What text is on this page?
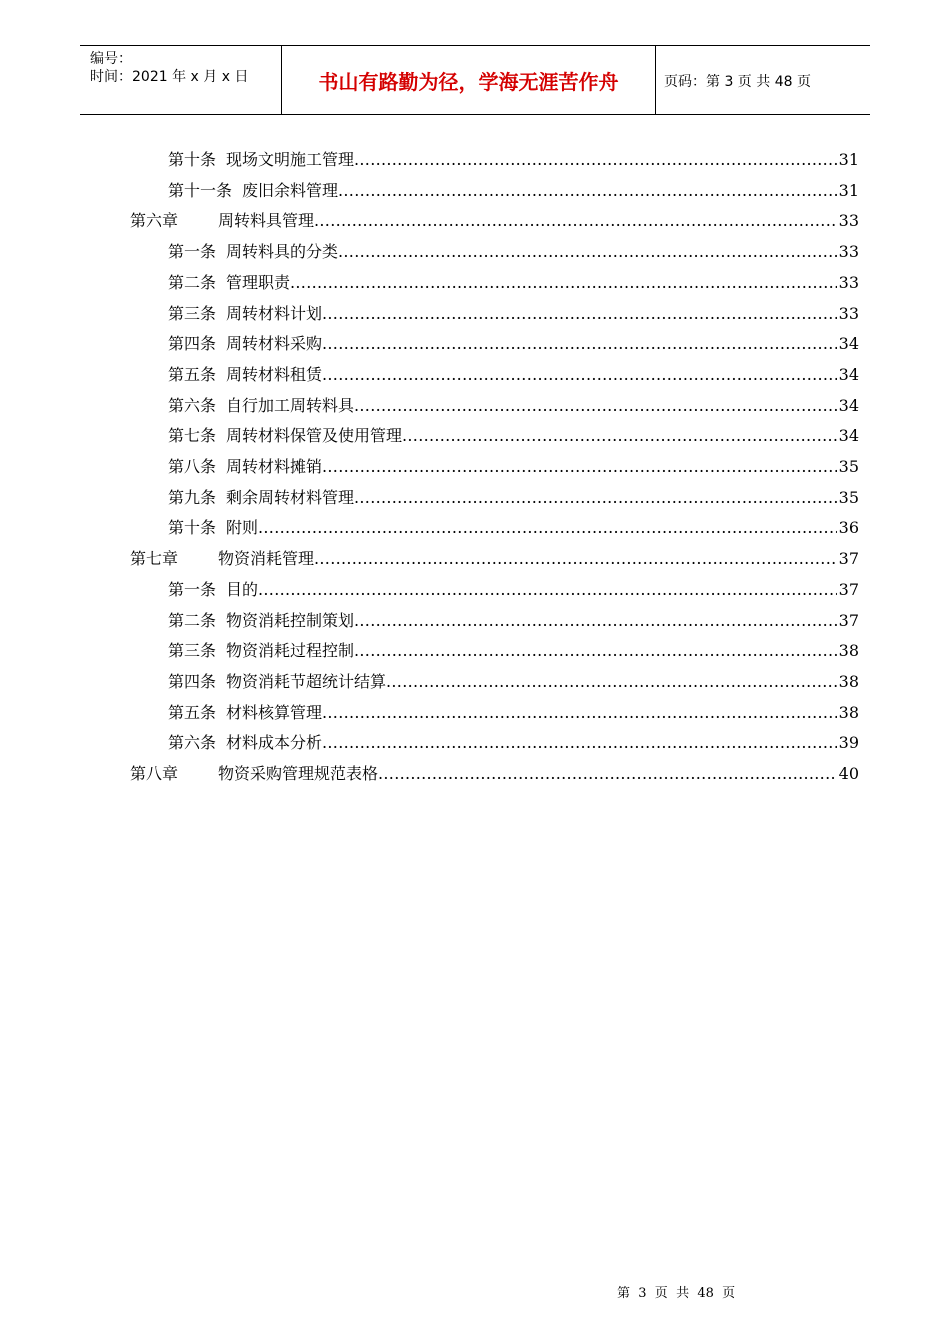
编号：
时间：2021 年 x 月 x 日	书山有路勤为径，学海无涯苦作舟	页码：第 3 页 共 48 页
第十条 现场文明施工管理 .....	31
第十一条 废旧余料管理 .....	31
第六章	周转料具管理 .....	33
第一条 周转料具的分类 .....	33
第二条 管理职责 .....	33
第三条 周转材料计划 .....	33
第四条 周转材料采购 .....	34
第五条 周转材料租赁 .....	34
第六条 自行加工周转料具 .....	34
第七条 周转材料保管及使用管理 .....	34
第八条 周转材料摊销 .....	35
第九条 剩余周转材料管理 .....	35
第十条 附则 .....	36
第七章	物资消耗管理 .....	37
第一条 目的 .....	37
第二条 物资消耗控制策划 .....	37
第三条 物资消耗过程控制 .....	38
第四条 物资消耗节超统计结算 .....	38
第五条 材料核算管理 .....	38
第六条 材料成本分析 .....	39
第八章	物资采购管理规范表格 .....	40
第  3  页  共  48  页
